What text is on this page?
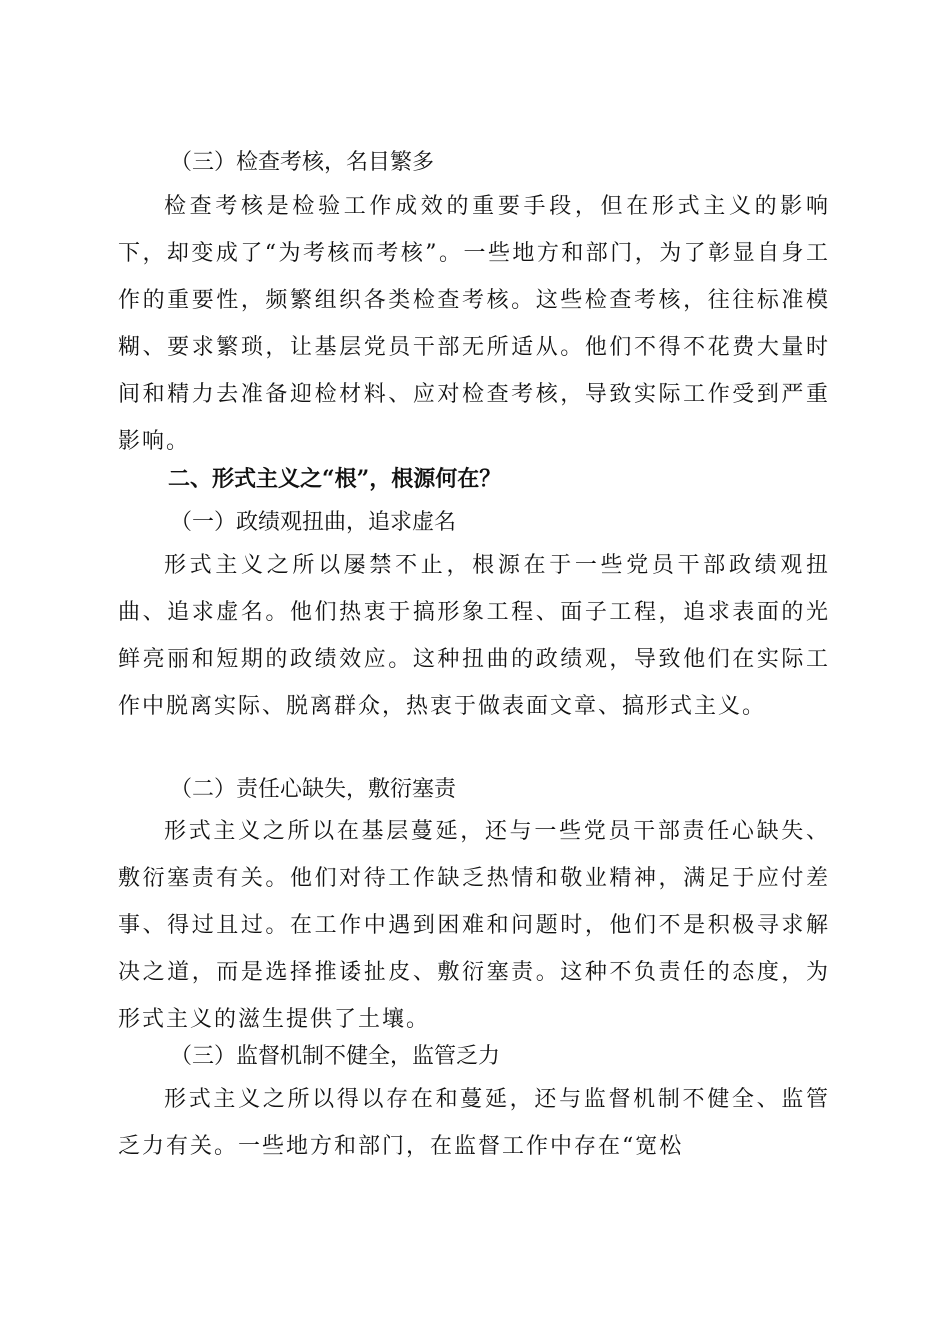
（三）检查考核，名目繁多
检查考核是检验工作成效的重要手段，但在形式主义的影响下，却变成了“为考核而考核”。一些地方和部门，为了彰显自身工作的重要性，频繁组织各类检查考核。这些检查考核，往往标准模糊、要求繁琐，让基层党员干部无所适从。他们不得不花费大量时间和精力去准备迎检材料、应对检查考核，导致实际工作受到严重影响。
二、形式主义之“根”，根源何在？
（一）政绩观扭曲，追求虚名
形式主义之所以屡禁不止，根源在于一些党员干部政绩观扭曲、追求虚名。他们热衷于搞形象工程、面子工程，追求表面的光鲜亮丽和短期的政绩效应。这种扭曲的政绩观，导致他们在实际工作中脱离实际、脱离群众，热衷于做表面文章、搞形式主义。
（二）责任心缺失，敷衍塞责
形式主义之所以在基层蔓延，还与一些党员干部责任心缺失、敷衍塞责有关。他们对待工作缺乏热情和敬业精神，满足于应付差事、得过且过。在工作中遇到困难和问题时，他们不是积极寻求解决之道，而是选择推诿扯皮、敷衍塞责。这种不负责任的态度，为形式主义的滋生提供了土壤。
（三）监督机制不健全，监管乏力
形式主义之所以得以存在和蔓延，还与监督机制不健全、监管乏力有关。一些地方和部门，在监督工作中存在“宽松
